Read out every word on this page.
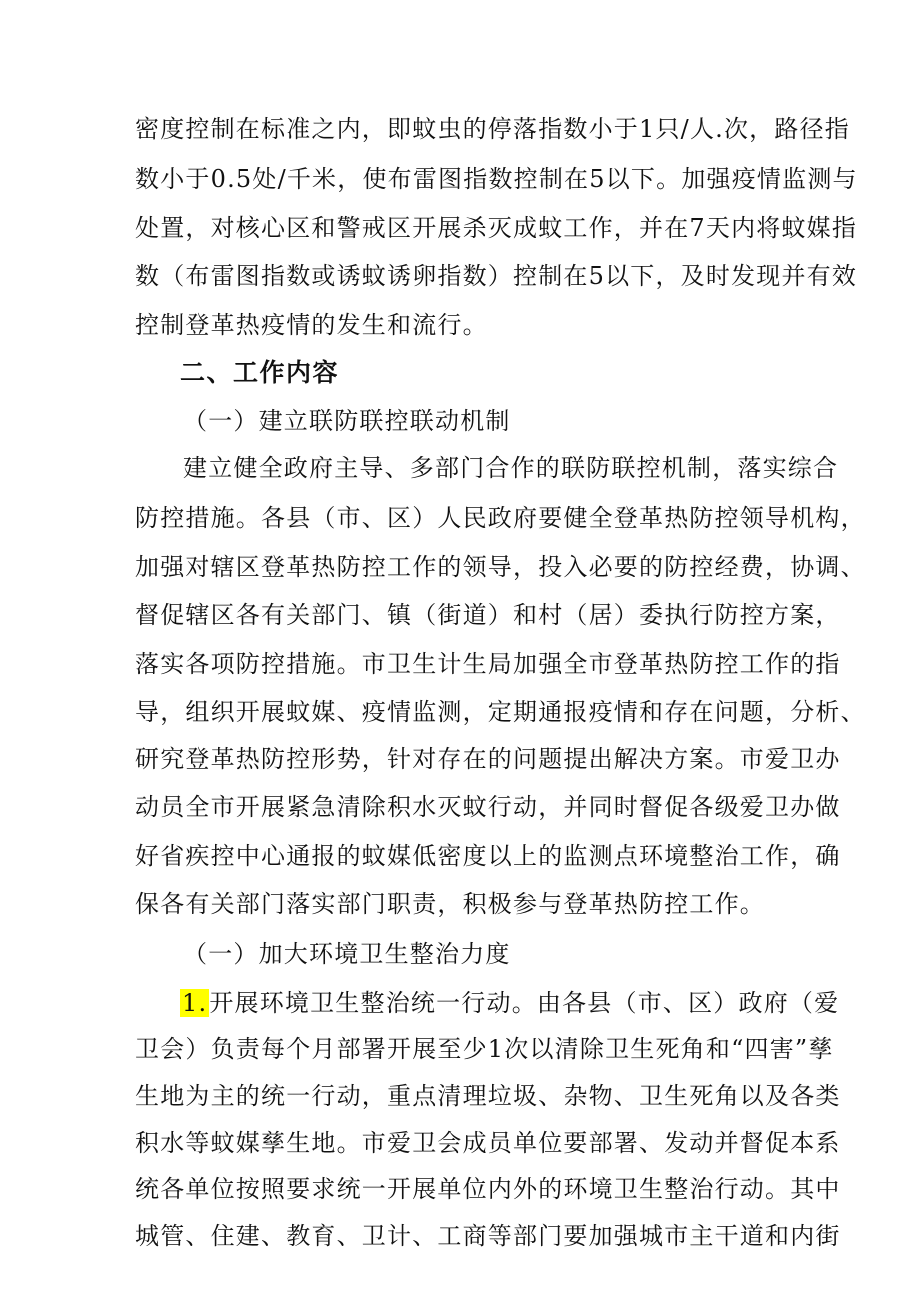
密度控制在标准之内，即蚊虫的停落指数小于1只/人.次，路径指
数小于0.5处/千米，使布雷图指数控制在5以下。加强疫情监测与
处置，对核心区和警戒区开展杀灭成蚊工作，并在7天内将蚊媒指
数（布雷图指数或诱蚊诱卵指数）控制在5以下，及时发现并有效
控制登革热疫情的发生和流行。
二、工作内容
（一）建立联防联控联动机制
建立健全政府主导、多部门合作的联防联控机制，落实综合
防控措施。各县（市、区）人民政府要健全登革热防控领导机构，
加强对辖区登革热防控工作的领导，投入必要的防控经费，协调、
督促辖区各有关部门、镇（街道）和村（居）委执行防控方案，
落实各项防控措施。市卫生计生局加强全市登革热防控工作的指
导，组织开展蚊媒、疫情监测，定期通报疫情和存在问题，分析、
研究登革热防控形势，针对存在的问题提出解决方案。市爱卫办
动员全市开展紧急清除积水灭蚊行动，并同时督促各级爱卫办做
好省疾控中心通报的蚊媒低密度以上的监测点环境整治工作，确
保各有关部门落实部门职责，积极参与登革热防控工作。
（一）加大环境卫生整治力度
1.开展环境卫生整治统一行动。由各县（市、区）政府（爱
卫会）负责每个月部署开展至少1次以清除卫生死角和“四害”孳
生地为主的统一行动，重点清理垃圾、杂物、卫生死角以及各类
积水等蚊媒孳生地。市爱卫会成员单位要部署、发动并督促本系
统各单位按照要求统一开展单位内外的环境卫生整治行动。其中
城管、住建、教育、卫计、工商等部门要加强城市主干道和内街
